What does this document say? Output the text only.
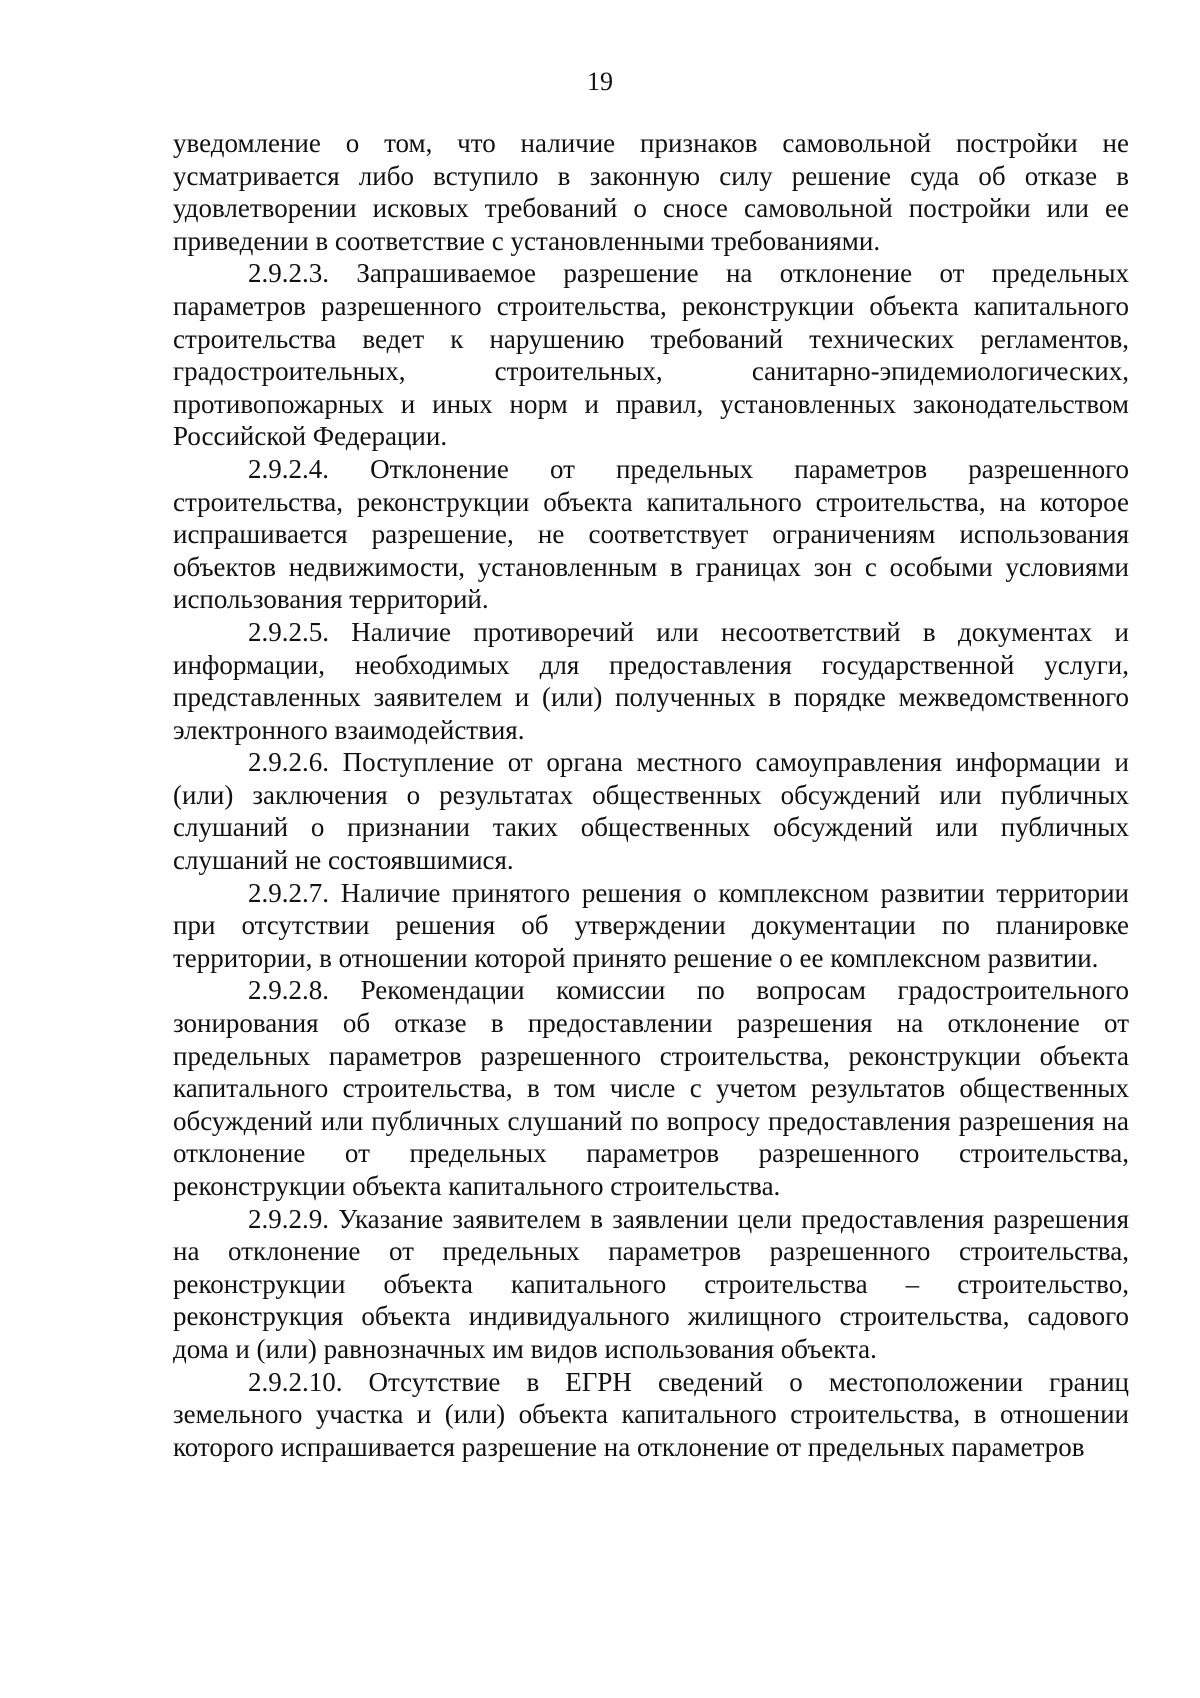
19

уведомление о том, что наличие признаков самовольной постройки не усматривается либо вступило в законную силу решение суда об отказе в удовлетворении исковых требований о сносе самовольной постройки или ее приведении в соответствие с установленными требованиями.

2.9.2.3. Запрашиваемое разрешение на отклонение от предельных параметров разрешенного строительства, реконструкции объекта капитального строительства ведет к нарушению требований технических регламентов, градостроительных, строительных, санитарно-эпидемиологических, противопожарных и иных норм и правил, установленных законодательством Российской Федерации.

2.9.2.4. Отклонение от предельных параметров разрешенного строительства, реконструкции объекта капитального строительства, на которое испрашивается разрешение, не соответствует ограничениям использования объектов недвижимости, установленным в границах зон с особыми условиями использования территорий.

2.9.2.5. Наличие противоречий или несоответствий в документах и информации, необходимых для предоставления государственной услуги, представленных заявителем и (или) полученных в порядке межведомственного электронного взаимодействия.

2.9.2.6. Поступление от органа местного самоуправления информации и (или) заключения о результатах общественных обсуждений или публичных слушаний о признании таких общественных обсуждений или публичных слушаний не состоявшимися.

2.9.2.7. Наличие принятого решения о комплексном развитии территории при отсутствии решения об утверждении документации по планировке территории, в отношении которой принято решение о ее комплексном развитии.

2.9.2.8. Рекомендации комиссии по вопросам градостроительного зонирования об отказе в предоставлении разрешения на отклонение от предельных параметров разрешенного строительства, реконструкции объекта капитального строительства, в том числе с учетом результатов общественных обсуждений или публичных слушаний по вопросу предоставления разрешения на отклонение от предельных параметров разрешенного строительства, реконструкции объекта капитального строительства.

2.9.2.9. Указание заявителем в заявлении цели предоставления разрешения на отклонение от предельных параметров разрешенного строительства, реконструкции объекта капитального строительства – строительство, реконструкция объекта индивидуального жилищного строительства, садового дома и (или) равнозначных им видов использования объекта.

2.9.2.10. Отсутствие в ЕГРН сведений о местоположении границ земельного участка и (или) объекта капитального строительства, в отношении которого испрашивается разрешение на отклонение от предельных параметров
